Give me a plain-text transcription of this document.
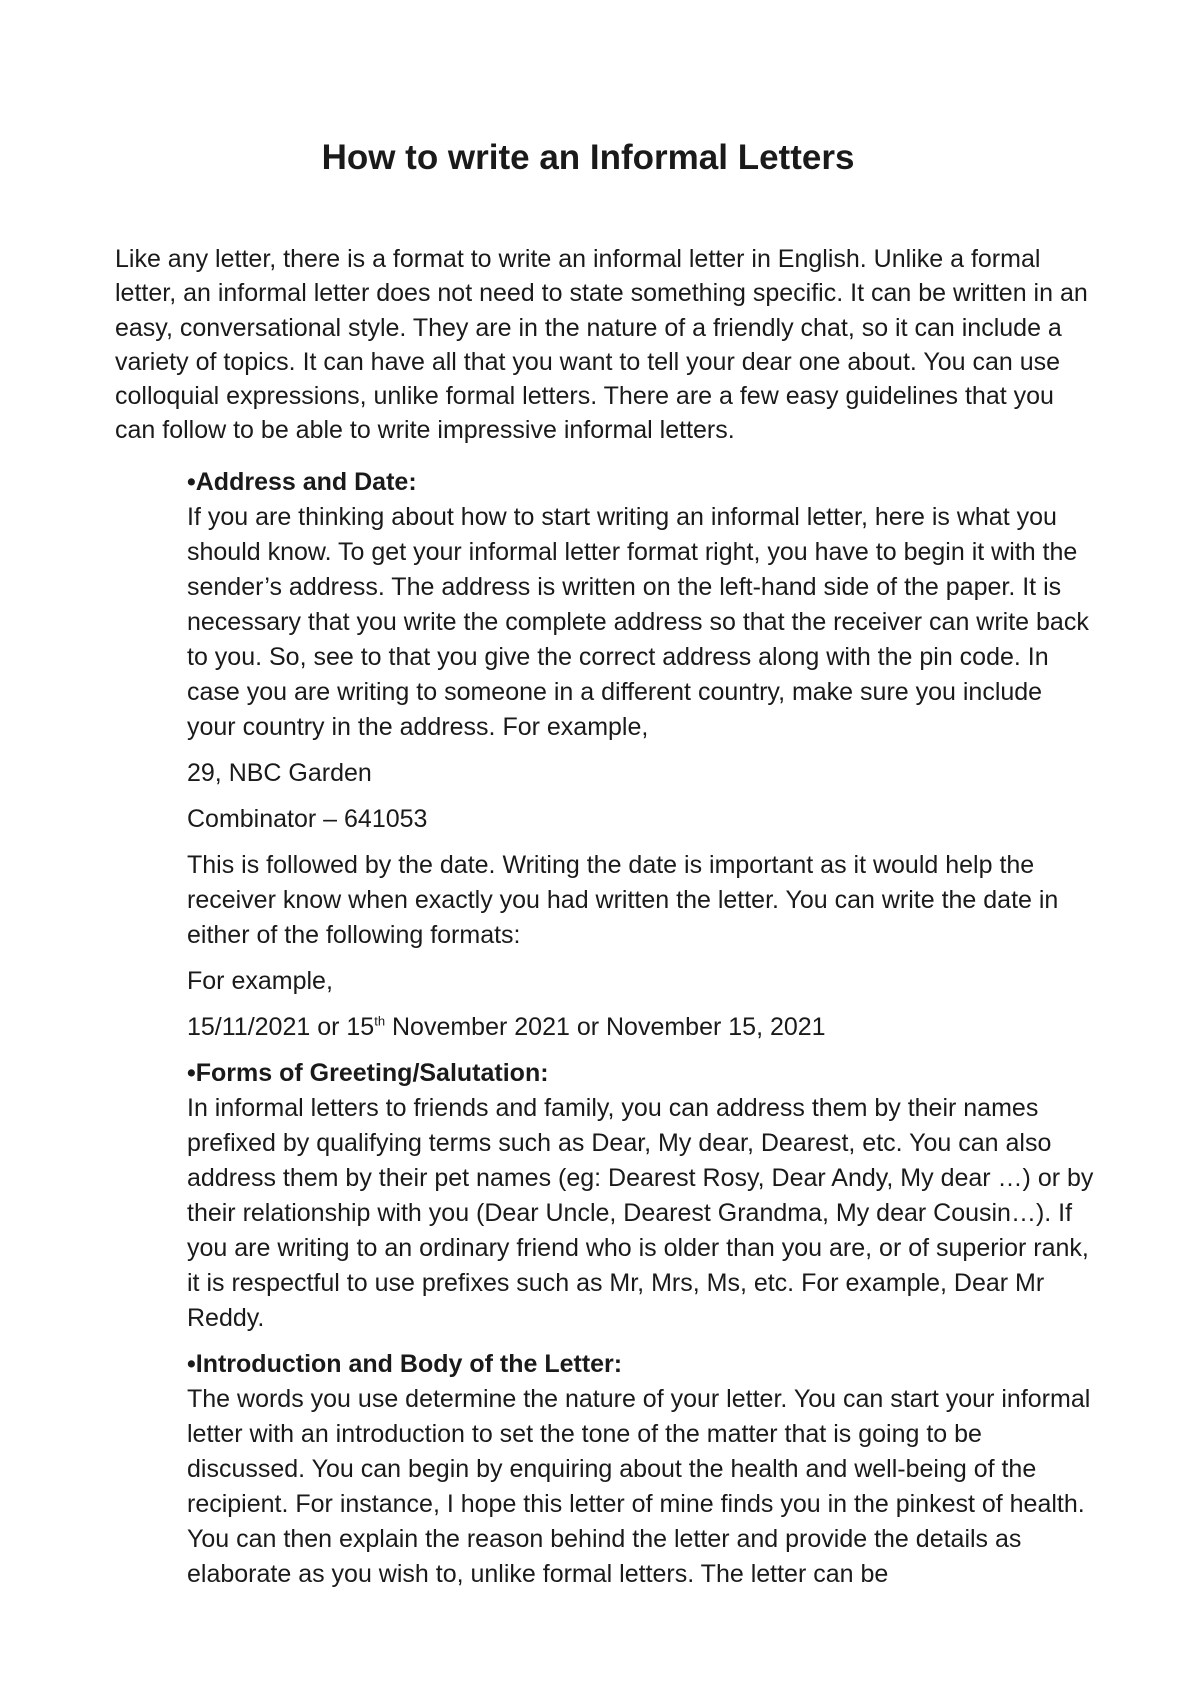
How to write an Informal Letters

Like any letter, there is a format to write an informal letter in English. Unlike a formal letter, an informal letter does not need to state something specific. It can be written in an easy, conversational style. They are in the nature of a friendly chat, so it can include a variety of topics. It can have all that you want to tell your dear one about. You can use colloquial expressions, unlike formal letters. There are a few easy guidelines that you can follow to be able to write impressive informal letters.

•Address and Date:

If you are thinking about how to start writing an informal letter, here is what you should know. To get your informal letter format right, you have to begin it with the sender’s address. The address is written on the left-hand side of the paper. It is necessary that you write the complete address so that the receiver can write back to you. So, see to that you give the correct address along with the pin code. In case you are writing to someone in a different country, make sure you include your country in the address. For example,

29, NBC Garden

Combinator – 641053

This is followed by the date. Writing the date is important as it would help the receiver know when exactly you had written the letter. You can write the date in either of the following formats:

For example,

15/11/2021 or 15th November 2021 or November 15, 2021

•Forms of Greeting/Salutation:

In informal letters to friends and family, you can address them by their names prefixed by qualifying terms such as Dear, My dear, Dearest, etc. You can also address them by their pet names (eg: Dearest Rosy, Dear Andy, My dear …) or by their relationship with you (Dear Uncle, Dearest Grandma, My dear Cousin…). If you are writing to an ordinary friend who is older than you are, or of superior rank, it is respectful to use prefixes such as Mr, Mrs, Ms, etc. For example, Dear Mr Reddy.

•Introduction and Body of the Letter:

The words you use determine the nature of your letter. You can start your informal letter with an introduction to set the tone of the matter that is going to be discussed. You can begin by enquiring about the health and well-being of the recipient. For instance, I hope this letter of mine finds you in the pinkest of health. You can then explain the reason behind the letter and provide the details as elaborate as you wish to, unlike formal letters. The letter can be
